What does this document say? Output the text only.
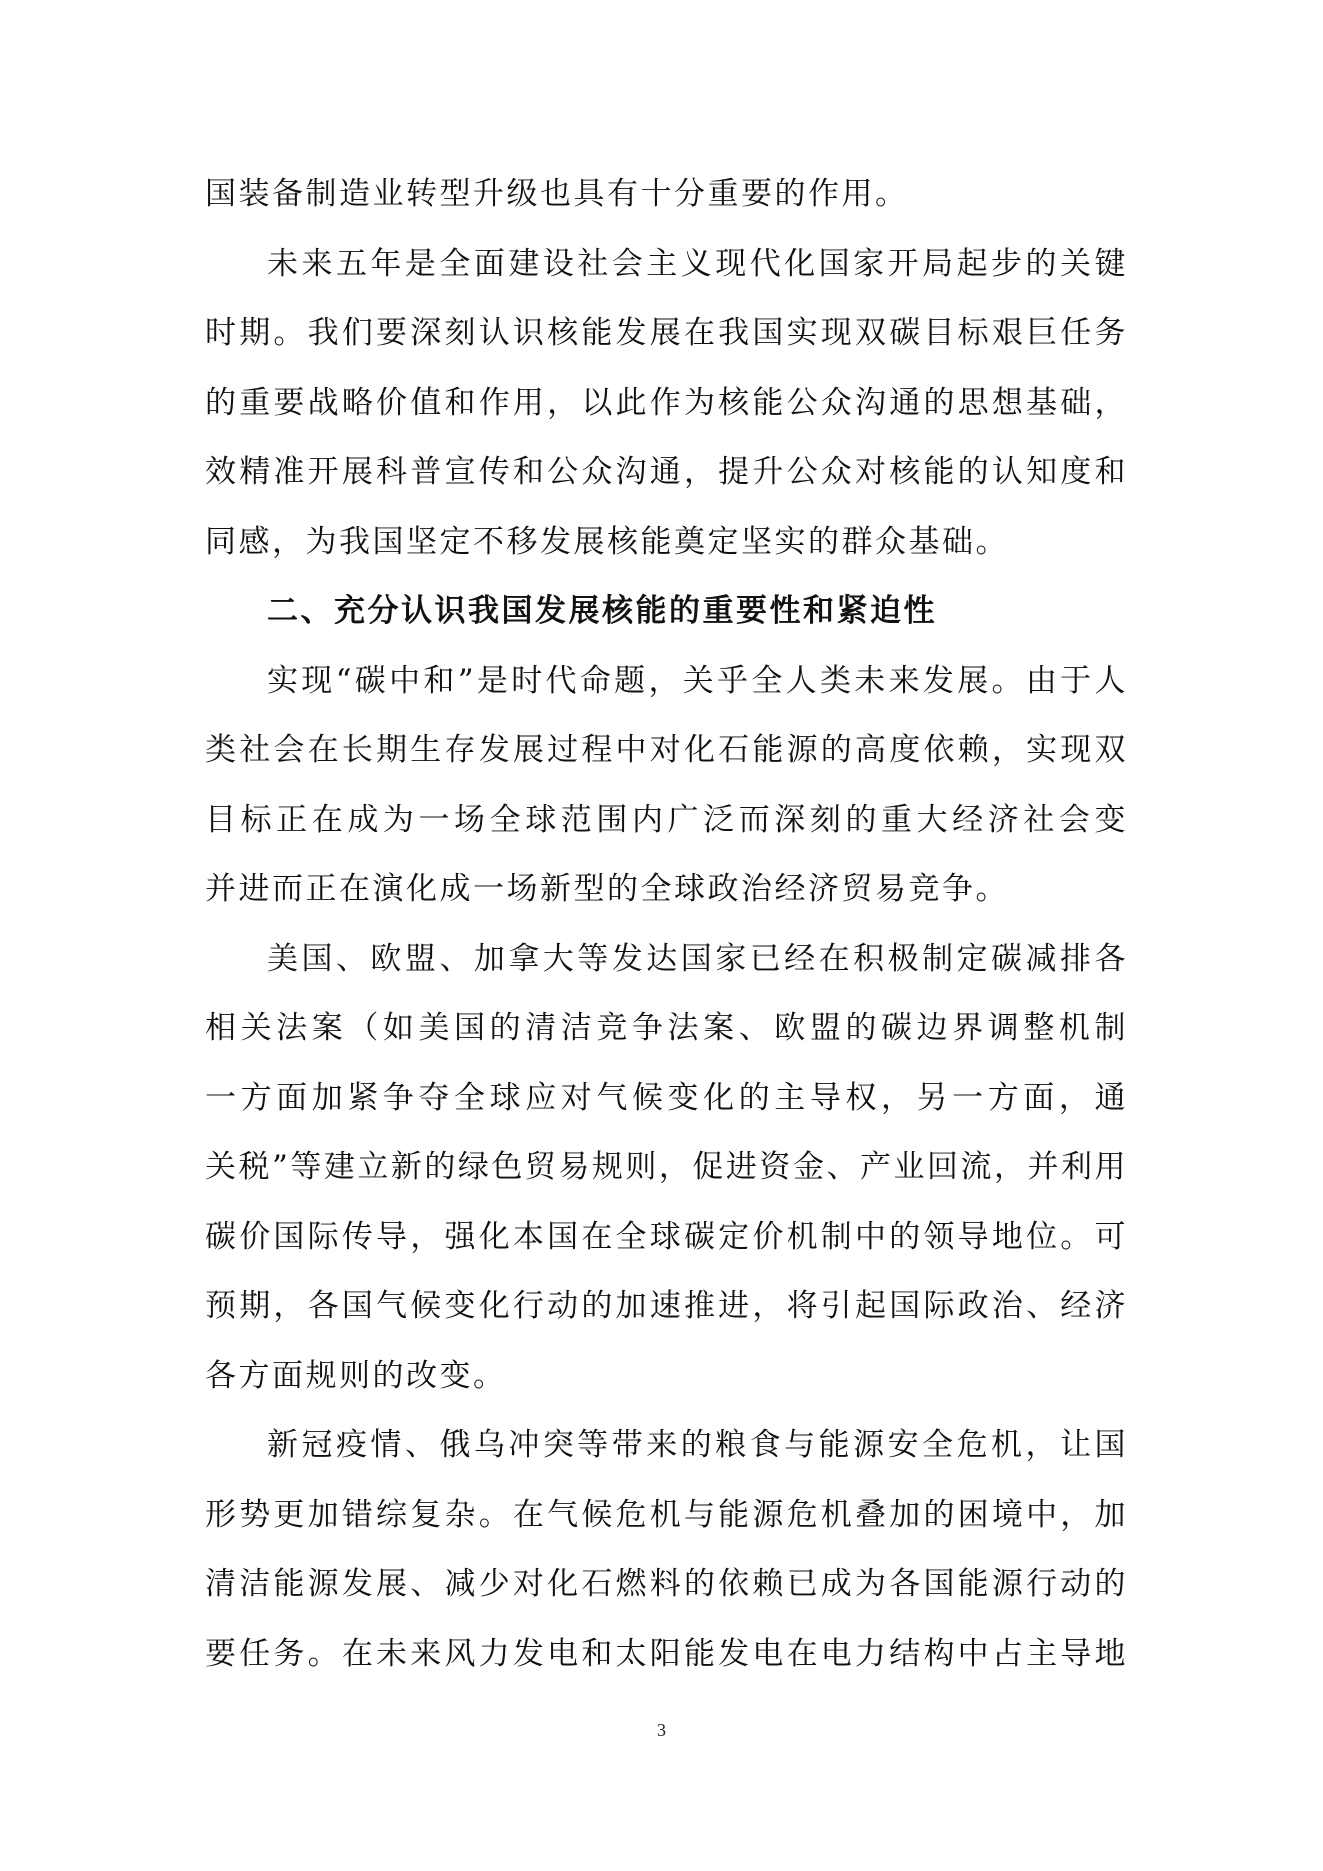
国装备制造业转型升级也具有十分重要的作用。

未来五年是全面建设社会主义现代化国家开局起步的关键

时期。我们要深刻认识核能发展在我国实现双碳目标艰巨任务

的重要战略价值和作用，以此作为核能公众沟通的思想基础，

效精准开展科普宣传和公众沟通，提升公众对核能的认知度和

同感，为我国坚定不移发展核能奠定坚实的群众基础。

二、充分认识我国发展核能的重要性和紧迫性

实现“碳中和”是时代命题，关乎全人类未来发展。由于人

类社会在长期生存发展过程中对化石能源的高度依赖，实现双

目标正在成为一场全球范围内广泛而深刻的重大经济社会变

并进而正在演化成一场新型的全球政治经济贸易竞争。

美国、欧盟、加拿大等发达国家已经在积极制定碳减排各

相关法案（如美国的清洁竞争法案、欧盟的碳边界调整机制

一方面加紧争夺全球应对气候变化的主导权，另一方面，通

关税”等建立新的绿色贸易规则，促进资金、产业回流，并利用

碳价国际传导，强化本国在全球碳定价机制中的领导地位。可

预期，各国气候变化行动的加速推进，将引起国际政治、经济

各方面规则的改变。

新冠疫情、俄乌冲突等带来的粮食与能源安全危机，让国

形势更加错综复杂。在气候危机与能源危机叠加的困境中，加

清洁能源发展、减少对化石燃料的依赖已成为各国能源行动的

要任务。在未来风力发电和太阳能发电在电力结构中占主导地

3
